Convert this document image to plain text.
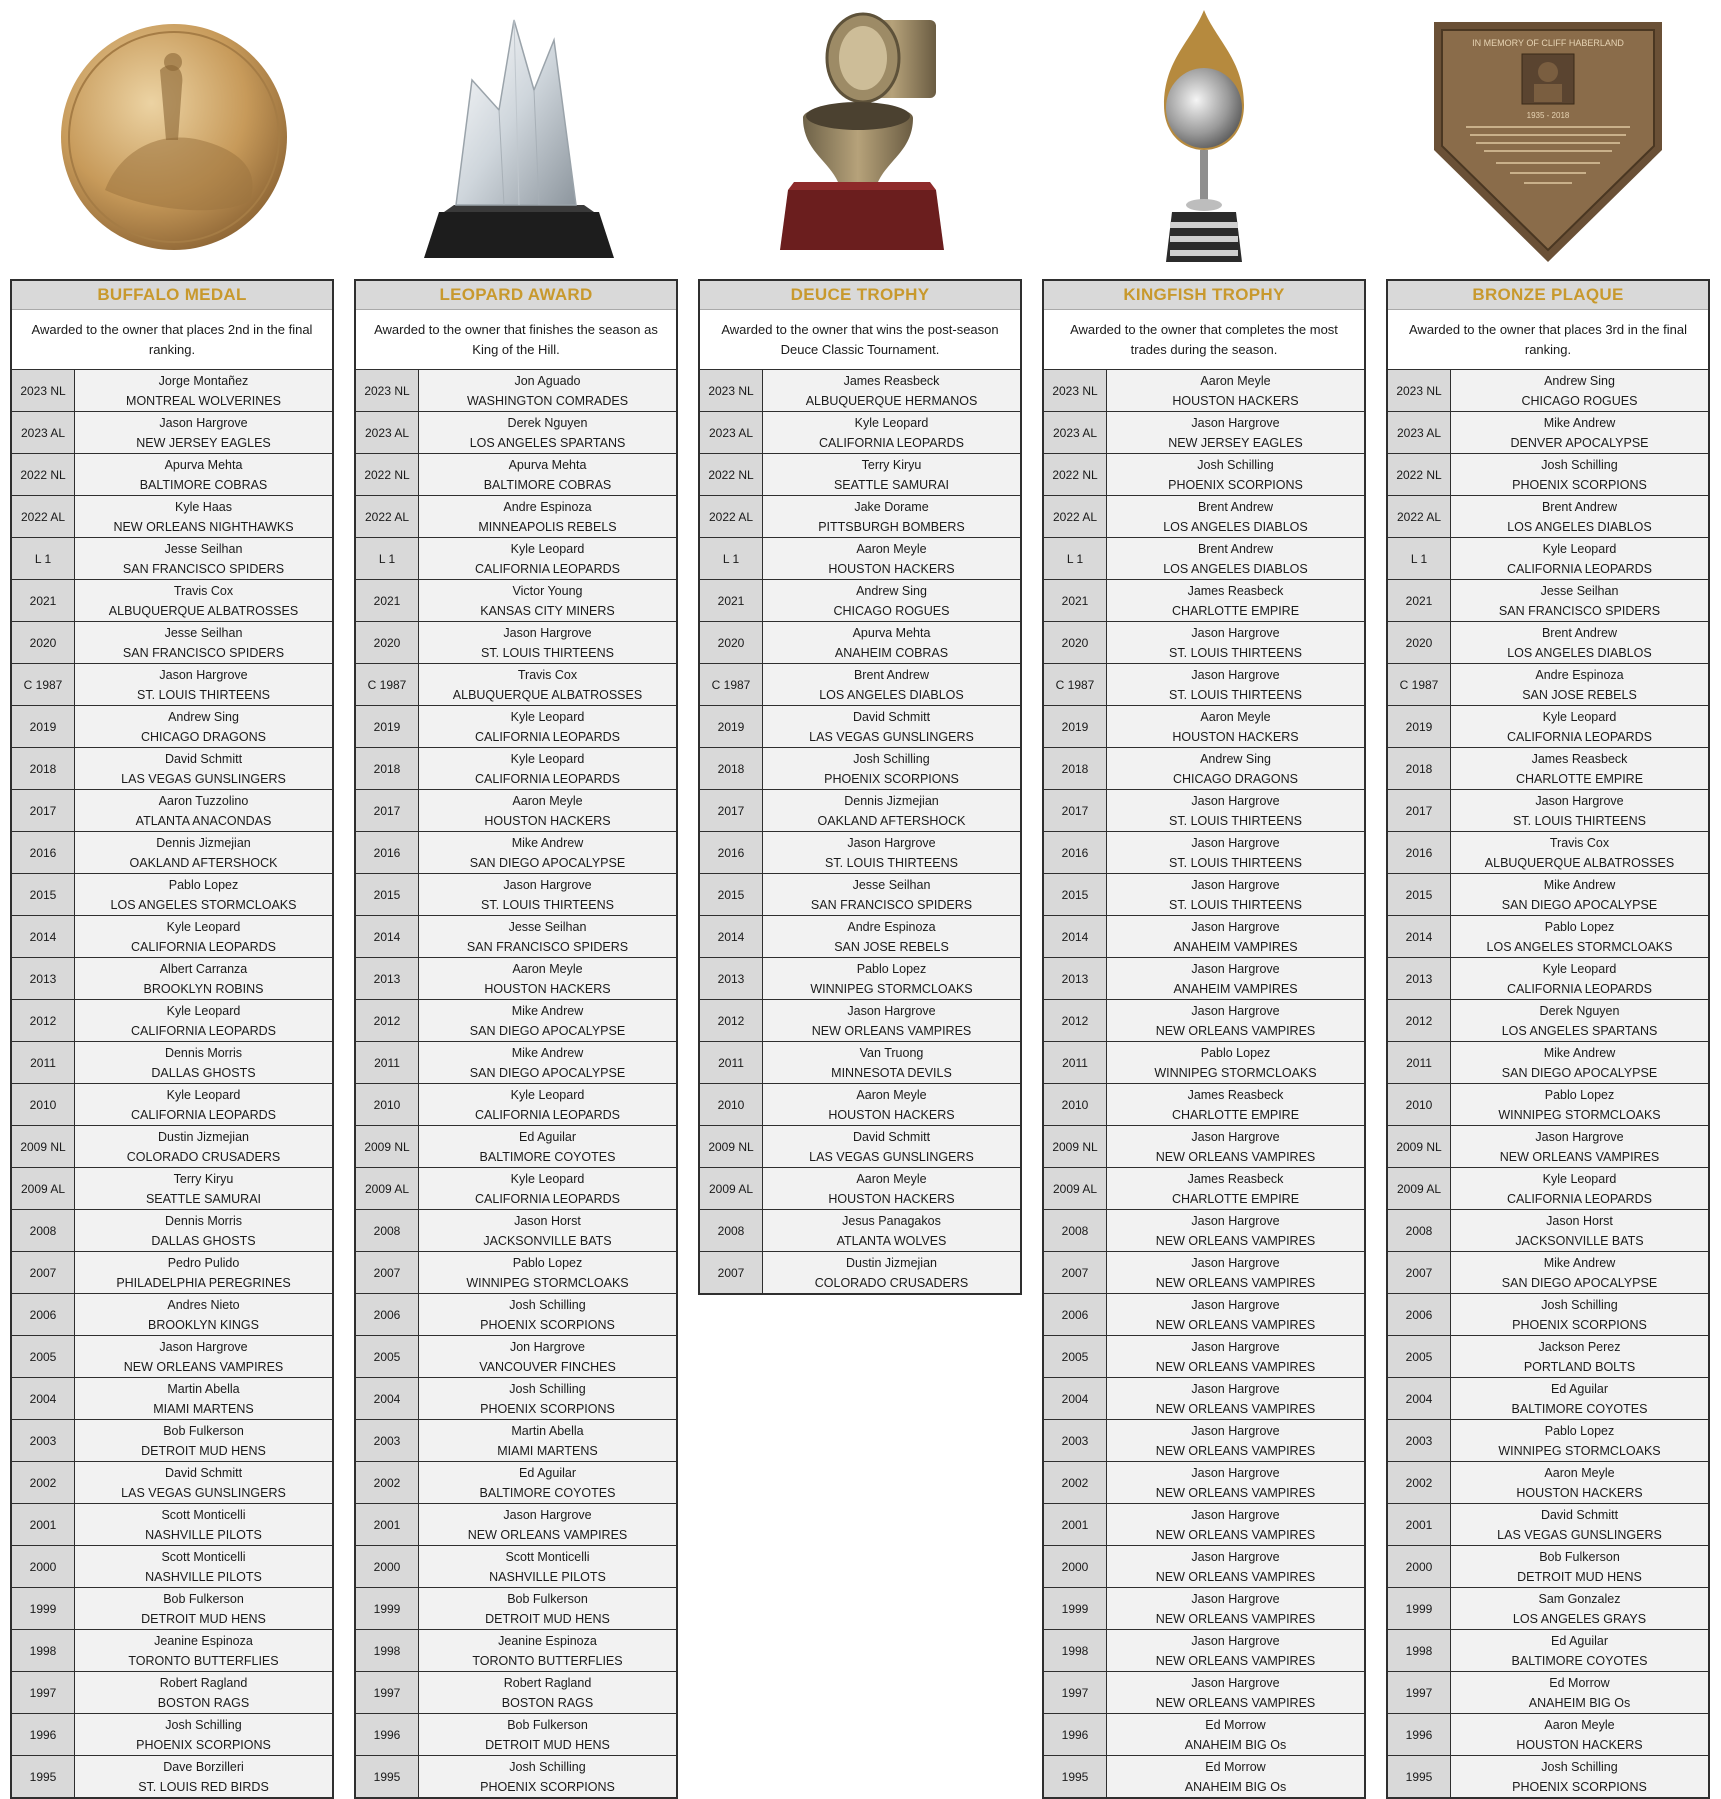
BUFFALO MEDAL
Awarded to the owner that places 2nd in the final ranking.
2023 NL
Jorge Montañez
MONTREAL WOLVERINES
2023 AL
Jason Hargrove
NEW JERSEY EAGLES
2022 NL
Apurva Mehta
BALTIMORE COBRAS
2022 AL
Kyle Haas
NEW ORLEANS NIGHTHAWKS
L 1
Jesse Seilhan
SAN FRANCISCO SPIDERS
2021
Travis Cox
ALBUQUERQUE ALBATROSSES
2020
Jesse Seilhan
SAN FRANCISCO SPIDERS
C 1987
Jason Hargrove
ST. LOUIS THIRTEENS
2019
Andrew Sing
CHICAGO DRAGONS
2018
David Schmitt
LAS VEGAS GUNSLINGERS
2017
Aaron Tuzzolino
ATLANTA ANACONDAS
2016
Dennis Jizmejian
OAKLAND AFTERSHOCK
2015
Pablo Lopez
LOS ANGELES STORMCLOAKS
2014
Kyle Leopard
CALIFORNIA LEOPARDS
2013
Albert Carranza
BROOKLYN ROBINS
2012
Kyle Leopard
CALIFORNIA LEOPARDS
2011
Dennis Morris
DALLAS GHOSTS
2010
Kyle Leopard
CALIFORNIA LEOPARDS
2009 NL
Dustin Jizmejian
COLORADO CRUSADERS
2009 AL
Terry Kiryu
SEATTLE SAMURAI
2008
Dennis Morris
DALLAS GHOSTS
2007
Pedro Pulido
PHILADELPHIA PEREGRINES
2006
Andres Nieto
BROOKLYN KINGS
2005
Jason Hargrove
NEW ORLEANS VAMPIRES
2004
Martin Abella
MIAMI MARTENS
2003
Bob Fulkerson
DETROIT MUD HENS
2002
David Schmitt
LAS VEGAS GUNSLINGERS
2001
Scott Monticelli
NASHVILLE PILOTS
2000
Scott Monticelli
NASHVILLE PILOTS
1999
Bob Fulkerson
DETROIT MUD HENS
1998
Jeanine Espinoza
TORONTO BUTTERFLIES
1997
Robert Ragland
BOSTON RAGS
1996
Josh Schilling
PHOENIX SCORPIONS
1995
Dave Borzilleri
ST. LOUIS RED BIRDS
LEOPARD AWARD
Awarded to the owner that finishes the season as King of the Hill.
2023 NL
Jon Aguado
WASHINGTON COMRADES
2023 AL
Derek Nguyen
LOS ANGELES SPARTANS
2022 NL
Apurva Mehta
BALTIMORE COBRAS
2022 AL
Andre Espinoza
MINNEAPOLIS REBELS
L 1
Kyle Leopard
CALIFORNIA LEOPARDS
2021
Victor Young
KANSAS CITY MINERS
2020
Jason Hargrove
ST. LOUIS THIRTEENS
C 1987
Travis Cox
ALBUQUERQUE ALBATROSSES
2019
Kyle Leopard
CALIFORNIA LEOPARDS
2018
Kyle Leopard
CALIFORNIA LEOPARDS
2017
Aaron Meyle
HOUSTON HACKERS
2016
Mike Andrew
SAN DIEGO APOCALYPSE
2015
Jason Hargrove
ST. LOUIS THIRTEENS
2014
Jesse Seilhan
SAN FRANCISCO SPIDERS
2013
Aaron Meyle
HOUSTON HACKERS
2012
Mike Andrew
SAN DIEGO APOCALYPSE
2011
Mike Andrew
SAN DIEGO APOCALYPSE
2010
Kyle Leopard
CALIFORNIA LEOPARDS
2009 NL
Ed Aguilar
BALTIMORE COYOTES
2009 AL
Kyle Leopard
CALIFORNIA LEOPARDS
2008
Jason Horst
JACKSONVILLE BATS
2007
Pablo Lopez
WINNIPEG STORMCLOAKS
2006
Josh Schilling
PHOENIX SCORPIONS
2005
Jon Hargrove
VANCOUVER FINCHES
2004
Josh Schilling
PHOENIX SCORPIONS
2003
Martin Abella
MIAMI MARTENS
2002
Ed Aguilar
BALTIMORE COYOTES
2001
Jason Hargrove
NEW ORLEANS VAMPIRES
2000
Scott Monticelli
NASHVILLE PILOTS
1999
Bob Fulkerson
DETROIT MUD HENS
1998
Jeanine Espinoza
TORONTO BUTTERFLIES
1997
Robert Ragland
BOSTON RAGS
1996
Bob Fulkerson
DETROIT MUD HENS
1995
Josh Schilling
PHOENIX SCORPIONS
DEUCE TROPHY
Awarded to the owner that wins the post-season Deuce Classic Tournament.
2023 NL
James Reasbeck
ALBUQUERQUE HERMANOS
2023 AL
Kyle Leopard
CALIFORNIA LEOPARDS
2022 NL
Terry Kiryu
SEATTLE SAMURAI
2022 AL
Jake Dorame
PITTSBURGH BOMBERS
L 1
Aaron Meyle
HOUSTON HACKERS
2021
Andrew Sing
CHICAGO ROGUES
2020
Apurva Mehta
ANAHEIM COBRAS
C 1987
Brent Andrew
LOS ANGELES DIABLOS
2019
David Schmitt
LAS VEGAS GUNSLINGERS
2018
Josh Schilling
PHOENIX SCORPIONS
2017
Dennis Jizmejian
OAKLAND AFTERSHOCK
2016
Jason Hargrove
ST. LOUIS THIRTEENS
2015
Jesse Seilhan
SAN FRANCISCO SPIDERS
2014
Andre Espinoza
SAN JOSE REBELS
2013
Pablo Lopez
WINNIPEG STORMCLOAKS
2012
Jason Hargrove
NEW ORLEANS VAMPIRES
2011
Van Truong
MINNESOTA DEVILS
2010
Aaron Meyle
HOUSTON HACKERS
2009 NL
David Schmitt
LAS VEGAS GUNSLINGERS
2009 AL
Aaron Meyle
HOUSTON HACKERS
2008
Jesus Panagakos
ATLANTA WOLVES
2007
Dustin Jizmejian
COLORADO CRUSADERS
KINGFISH TROPHY
Awarded to the owner that completes the most trades during the season.
2023 NL
Aaron Meyle
HOUSTON HACKERS
2023 AL
Jason Hargrove
NEW JERSEY EAGLES
2022 NL
Josh Schilling
PHOENIX SCORPIONS
2022 AL
Brent Andrew
LOS ANGELES DIABLOS
L 1
Brent Andrew
LOS ANGELES DIABLOS
2021
James Reasbeck
CHARLOTTE EMPIRE
2020
Jason Hargrove
ST. LOUIS THIRTEENS
C 1987
Jason Hargrove
ST. LOUIS THIRTEENS
2019
Aaron Meyle
HOUSTON HACKERS
2018
Andrew Sing
CHICAGO DRAGONS
2017
Jason Hargrove
ST. LOUIS THIRTEENS
2016
Jason Hargrove
ST. LOUIS THIRTEENS
2015
Jason Hargrove
ST. LOUIS THIRTEENS
2014
Jason Hargrove
ANAHEIM VAMPIRES
2013
Jason Hargrove
ANAHEIM VAMPIRES
2012
Jason Hargrove
NEW ORLEANS VAMPIRES
2011
Pablo Lopez
WINNIPEG STORMCLOAKS
2010
James Reasbeck
CHARLOTTE EMPIRE
2009 NL
Jason Hargrove
NEW ORLEANS VAMPIRES
2009 AL
James Reasbeck
CHARLOTTE EMPIRE
2008
Jason Hargrove
NEW ORLEANS VAMPIRES
2007
Jason Hargrove
NEW ORLEANS VAMPIRES
2006
Jason Hargrove
NEW ORLEANS VAMPIRES
2005
Jason Hargrove
NEW ORLEANS VAMPIRES
2004
Jason Hargrove
NEW ORLEANS VAMPIRES
2003
Jason Hargrove
NEW ORLEANS VAMPIRES
2002
Jason Hargrove
NEW ORLEANS VAMPIRES
2001
Jason Hargrove
NEW ORLEANS VAMPIRES
2000
Jason Hargrove
NEW ORLEANS VAMPIRES
1999
Jason Hargrove
NEW ORLEANS VAMPIRES
1998
Jason Hargrove
NEW ORLEANS VAMPIRES
1997
Jason Hargrove
NEW ORLEANS VAMPIRES
1996
Ed Morrow
ANAHEIM BIG Os
1995
Ed Morrow
ANAHEIM BIG Os
IN MEMORY OF CLIFF HABERLAND
1935 - 2018
BRONZE PLAQUE
Awarded to the owner that places 3rd in the final ranking.
2023 NL
Andrew Sing
CHICAGO ROGUES
2023 AL
Mike Andrew
DENVER APOCALYPSE
2022 NL
Josh Schilling
PHOENIX SCORPIONS
2022 AL
Brent Andrew
LOS ANGELES DIABLOS
L 1
Kyle Leopard
CALIFORNIA LEOPARDS
2021
Jesse Seilhan
SAN FRANCISCO SPIDERS
2020
Brent Andrew
LOS ANGELES DIABLOS
C 1987
Andre Espinoza
SAN JOSE REBELS
2019
Kyle Leopard
CALIFORNIA LEOPARDS
2018
James Reasbeck
CHARLOTTE EMPIRE
2017
Jason Hargrove
ST. LOUIS THIRTEENS
2016
Travis Cox
ALBUQUERQUE ALBATROSSES
2015
Mike Andrew
SAN DIEGO APOCALYPSE
2014
Pablo Lopez
LOS ANGELES STORMCLOAKS
2013
Kyle Leopard
CALIFORNIA LEOPARDS
2012
Derek Nguyen
LOS ANGELES SPARTANS
2011
Mike Andrew
SAN DIEGO APOCALYPSE
2010
Pablo Lopez
WINNIPEG STORMCLOAKS
2009 NL
Jason Hargrove
NEW ORLEANS VAMPIRES
2009 AL
Kyle Leopard
CALIFORNIA LEOPARDS
2008
Jason Horst
JACKSONVILLE BATS
2007
Mike Andrew
SAN DIEGO APOCALYPSE
2006
Josh Schilling
PHOENIX SCORPIONS
2005
Jackson Perez
PORTLAND BOLTS
2004
Ed Aguilar
BALTIMORE COYOTES
2003
Pablo Lopez
WINNIPEG STORMCLOAKS
2002
Aaron Meyle
HOUSTON HACKERS
2001
David Schmitt
LAS VEGAS GUNSLINGERS
2000
Bob Fulkerson
DETROIT MUD HENS
1999
Sam Gonzalez
LOS ANGELES GRAYS
1998
Ed Aguilar
BALTIMORE COYOTES
1997
Ed Morrow
ANAHEIM BIG Os
1996
Aaron Meyle
HOUSTON HACKERS
1995
Josh Schilling
PHOENIX SCORPIONS
